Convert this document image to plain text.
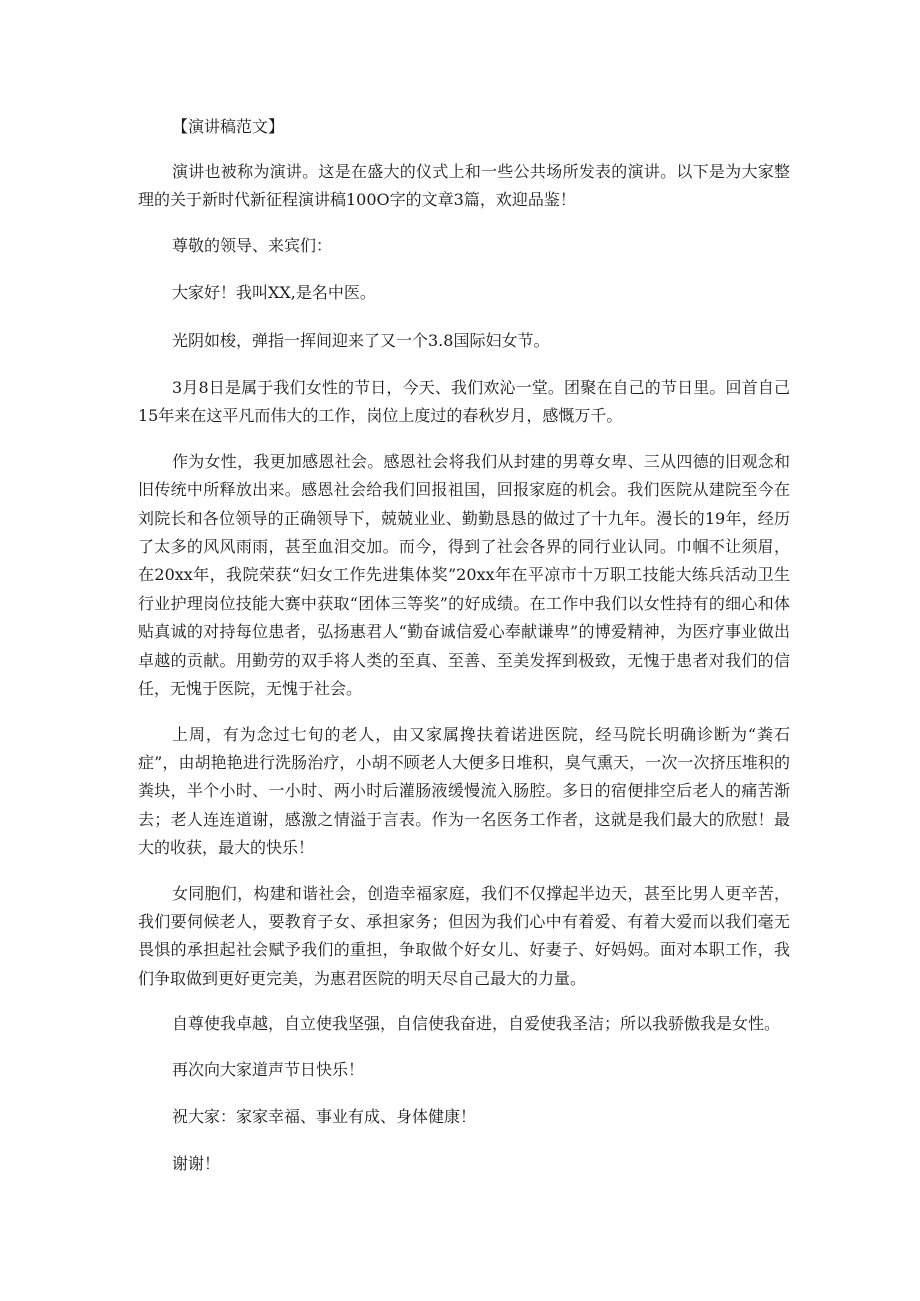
【演讲稿范文】

演讲也被称为演讲。这是在盛大的仪式上和一些公共场所发表的演讲。以下是为大家整理的关于新时代新征程演讲稿100O字的文章3篇，欢迎品鉴！

尊敬的领导、来宾们：

大家好！我叫XX,是名中医。

光阴如梭，弹指一挥间迎来了又一个3.8国际妇女节。

3月8日是属于我们女性的节日，今天、我们欢沁一堂。团聚在自己的节日里。回首自己15年来在这平凡而伟大的工作，岗位上度过的春秋岁月，感慨万千。

作为女性，我更加感恩社会。感恩社会将我们从封建的男尊女卑、三从四德的旧观念和旧传统中所释放出来。感恩社会给我们回报祖国，回报家庭的机会。我们医院从建院至今在刘院长和各位领导的正确领导下，兢兢业业、勤勤恳恳的做过了十九年。漫长的19年，经历了太多的风风雨雨，甚至血泪交加。而今，得到了社会各界的同行业认同。巾帼不让须眉，在20xx年，我院荣获“妇女工作先进集体奖”20xx年在平凉市十万职工技能大练兵活动卫生行业护理岗位技能大赛中获取“团体三等奖”的好成绩。在工作中我们以女性持有的细心和体贴真诚的对持每位患者，弘扬惠君人“勤奋诚信爱心奉献谦卑”的博爱精神，为医疗事业做出卓越的贡献。用勤劳的双手将人类的至真、至善、至美发挥到极致，无愧于患者对我们的信任，无愧于医院，无愧于社会。

上周，有为念过七旬的老人，由又家属搀扶着诺进医院，经马院长明确诊断为“粪石症”，由胡艳艳进行洗肠治疗，小胡不顾老人大便多日堆积，臭气熏天，一次一次挤压堆积的粪块，半个小时、一小时、两小时后灌肠液缓慢流入肠腔。多日的宿便排空后老人的痛苦渐去；老人连连道谢，感激之情溢于言表。作为一名医务工作者，这就是我们最大的欣慰！最大的收获，最大的快乐！

女同胞们，构建和谐社会，创造幸福家庭，我们不仅撑起半边天，甚至比男人更辛苦，我们要伺候老人，要教育子女、承担家务；但因为我们心中有着爱、有着大爱而以我们毫无畏惧的承担起社会赋予我们的重担，争取做个好女儿、好妻子、好妈妈。面对本职工作，我们争取做到更好更完美，为惠君医院的明天尽自己最大的力量。

自尊使我卓越，自立使我坚强，自信使我奋进，自爱使我圣洁；所以我骄傲我是女性。

再次向大家道声节日快乐！

祝大家：家家幸福、事业有成、身体健康！

谢谢！
